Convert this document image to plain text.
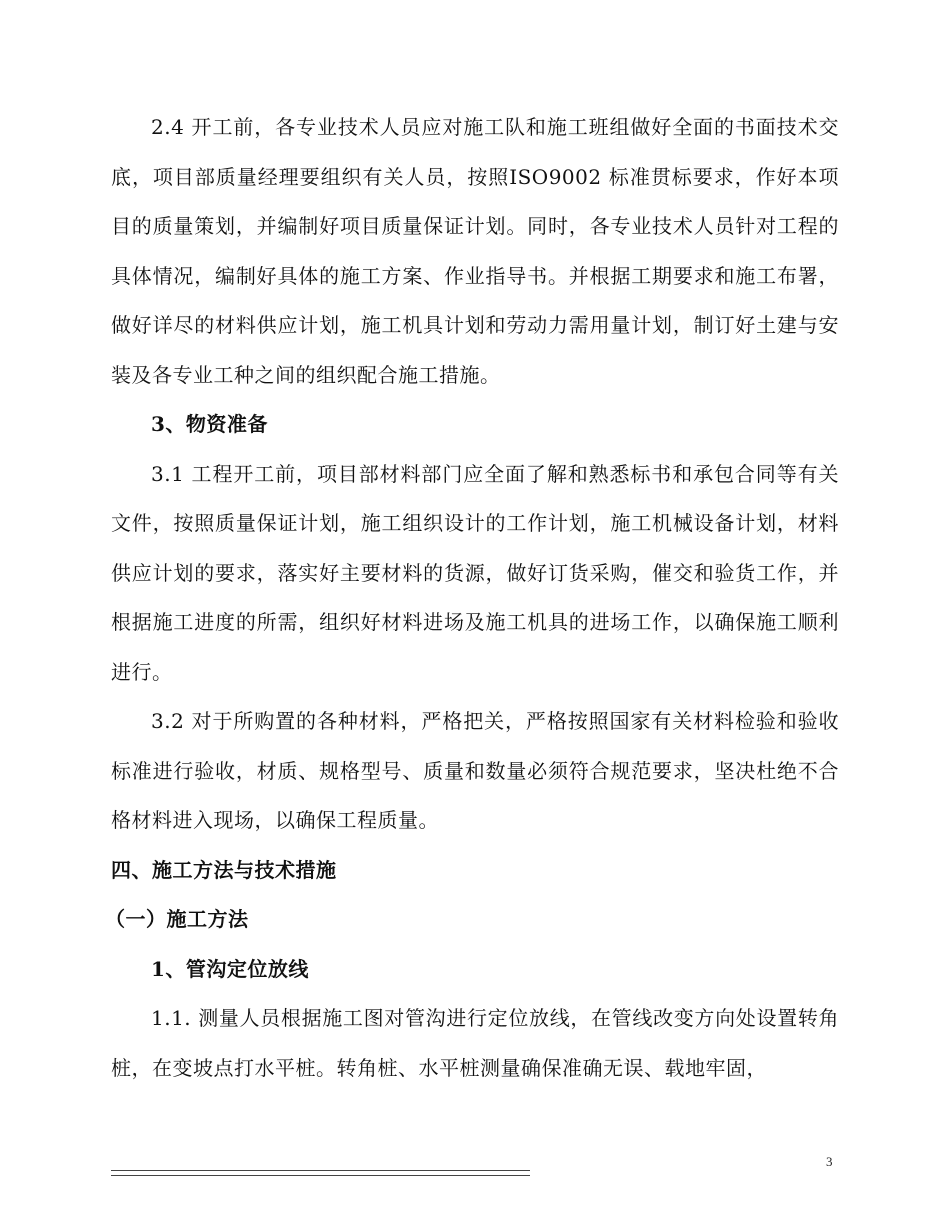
2.4 开工前，各专业技术人员应对施工队和施工班组做好全面的书面技术交底，项目部质量经理要组织有关人员，按照ISO9002 标准贯标要求，作好本项目的质量策划，并编制好项目质量保证计划。同时，各专业技术人员针对工程的具体情况，编制好具体的施工方案、作业指导书。并根据工期要求和施工布署，做好详尽的材料供应计划，施工机具计划和劳动力需用量计划，制订好土建与安装及各专业工种之间的组织配合施工措施。

3、物资准备

3.1 工程开工前，项目部材料部门应全面了解和熟悉标书和承包合同等有关文件，按照质量保证计划，施工组织设计的工作计划，施工机械设备计划，材料供应计划的要求，落实好主要材料的货源，做好订货采购，催交和验货工作，并根据施工进度的所需，组织好材料进场及施工机具的进场工作，以确保施工顺利进行。

3.2 对于所购置的各种材料，严格把关，严格按照国家有关材料检验和验收标准进行验收，材质、规格型号、质量和数量必须符合规范要求，坚决杜绝不合格材料进入现场，以确保工程质量。

四、施工方法与技术措施

（一）施工方法

1、管沟定位放线

1.1. 测量人员根据施工图对管沟进行定位放线，在管线改变方向处设置转角桩，在变坡点打水平桩。转角桩、水平桩测量确保准确无误、载地牢固，

3
